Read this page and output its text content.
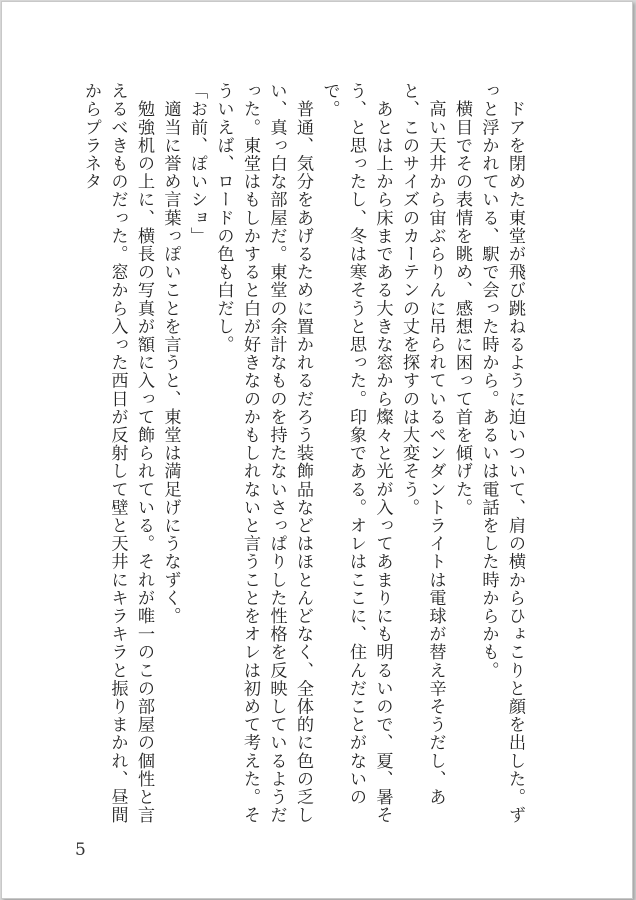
　ドアを閉めた東堂が飛び跳ねるように迫いついて、肩の横からひょこりと顔を出した。ずっと浮かれている、駅で会った時から。あるいは電話をした時からかも。

　横目でその表情を眺め、感想に困って首を傾げた。

　高い天井から宙ぶらりんに吊られているペンダントライトは電球が替え辛そうだし、あと、このサイズのカーテンの丈を探すのは大変そう。

　あとは上から床まである大きな窓から燦々と光が入ってあまりにも明るいので、夏、暑そう、と思ったし、冬は寒そうと思った。印象である。オレはここに、住んだことがないので。

　普通、気分をあげるために置かれるだろう装飾品などはほとんどなく、全体的に色の乏しい、真っ白な部屋だ。東堂の余計なものを持たないさっぱりした性格を反映しているようだった。東堂はもしかすると白が好きなのかもしれないと言うことをオレは初めて考えた。そういえば、ロードの色も白だし。

「お前、ぽいショ」

　適当に誉め言葉っぽいことを言うと、東堂は満足げにうなずく。

　勉強机の上に、横長の写真が額に入って飾られている。それが唯一のこの部屋の個性と言えるべきものだった。窓から入った西日が反射して壁と天井にキラキラと振りまかれ、昼間からプラネタ

5
